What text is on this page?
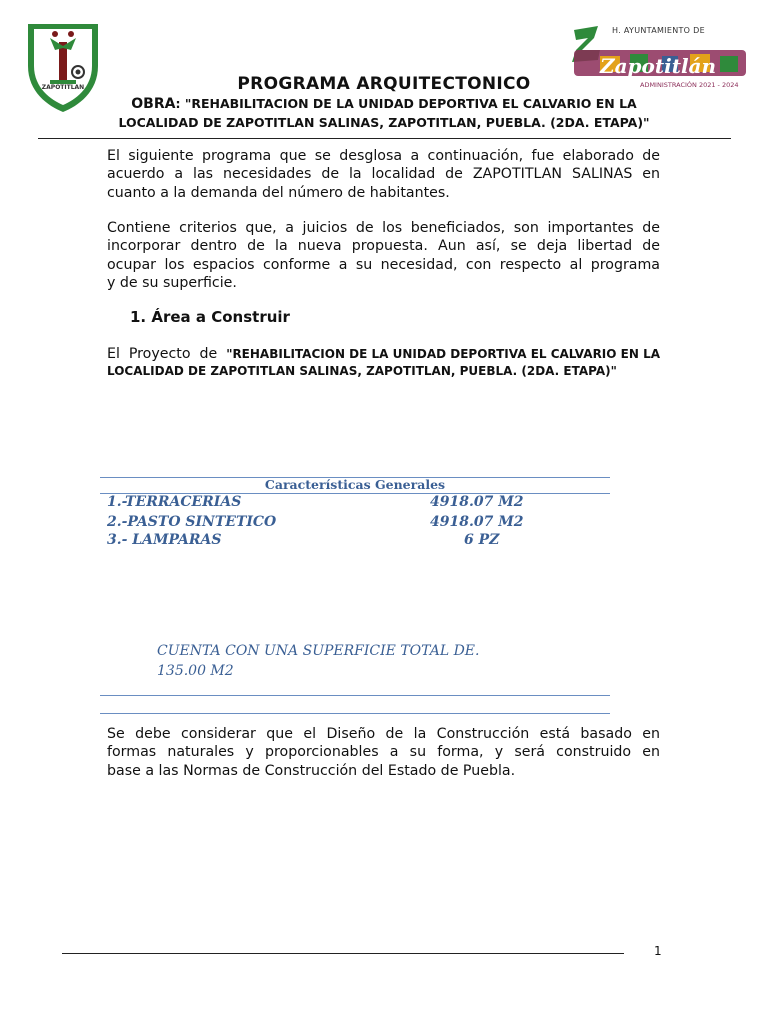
ZAPOTITLAN
H. AYUNTAMIENTO DE
Zapotitlán
ADMINISTRACIÓN 2021 - 2024
PROGRAMA ARQUITECTONICO
OBRA: "REHABILITACION DE LA UNIDAD DEPORTIVA EL CALVARIO EN LA
LOCALIDAD DE ZAPOTITLAN SALINAS, ZAPOTITLAN, PUEBLA. (2DA. ETAPA)"
El siguiente programa que se desglosa a continuación, fue elaborado de
acuerdo a las necesidades de la localidad de ZAPOTITLAN SALINAS en
cuanto a la demanda del número de habitantes.
Contiene criterios que, a juicios de los beneficiados, son importantes de
incorporar dentro de la nueva propuesta. Aun así, se deja libertad de
ocupar los espacios conforme a su necesidad, con respecto al programa
y de su superficie.
1. Área a Construir
El Proyecto de "REHABILITACION DE LA UNIDAD DEPORTIVA EL CALVARIO EN LA
LOCALIDAD DE ZAPOTITLAN SALINAS, ZAPOTITLAN, PUEBLA. (2DA. ETAPA)"
Características Generales
1.-TERRACERIAS	4918.07 M2
2.-PASTO SINTETICO	4918.07 M2
3.- LAMPARAS	6 PZ
CUENTA CON UNA SUPERFICIE TOTAL DE.
135.00 M2
Se debe considerar que el Diseño de la Construcción está basado en
formas naturales y proporcionables a su forma, y será construido en
base a las Normas de Construcción del Estado de Puebla.
1
